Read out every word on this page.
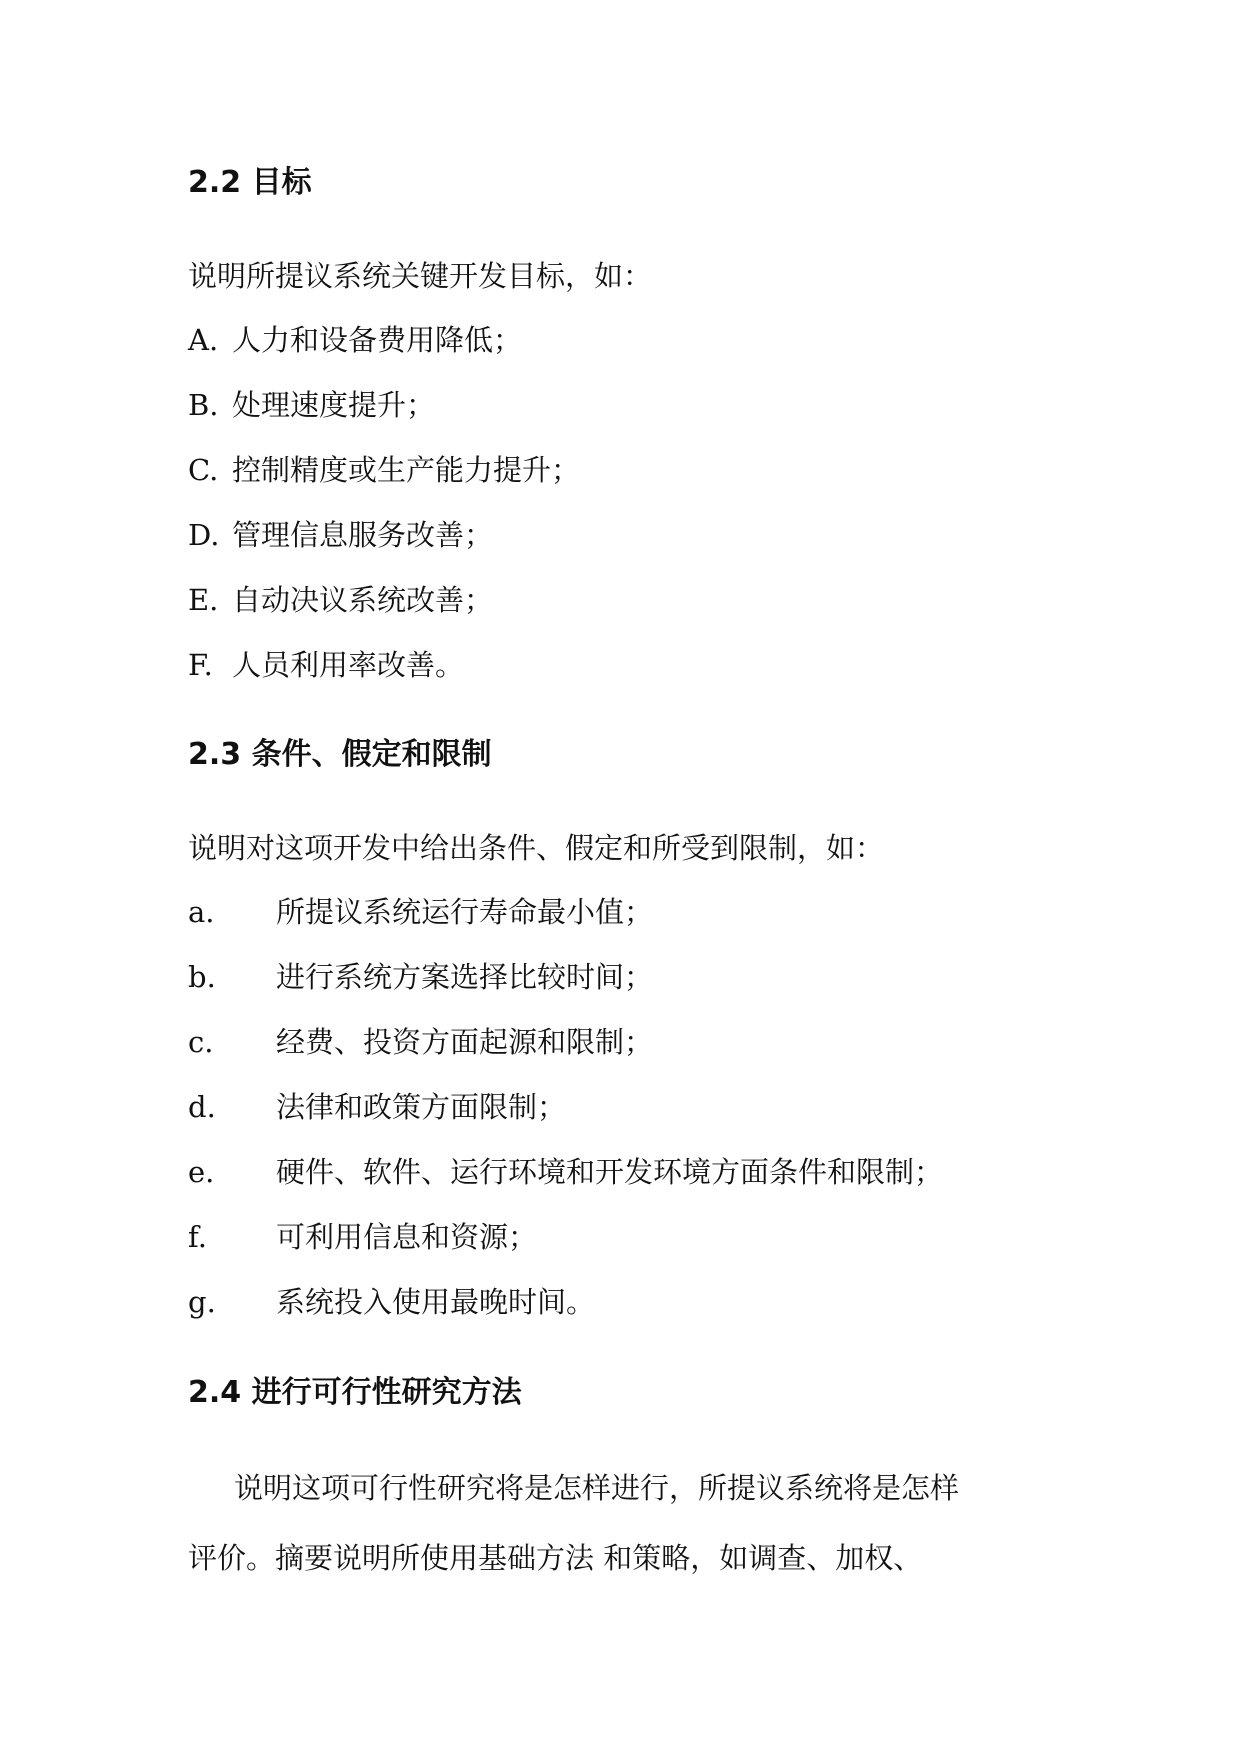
2.2 目标

说明所提议系统关键开发目标，如：

A. 人力和设备费用降低；
B. 处理速度提升；
C. 控制精度或生产能力提升；
D. 管理信息服务改善；
E. 自动决议系统改善；
F. 人员利用率改善。
2.3 条件、假定和限制

说明对这项开发中给出条件、假定和所受到限制，如：

a. 所提议系统运行寿命最小值；
b. 进行系统方案选择比较时间；
c. 经费、投资方面起源和限制；
d. 法律和政策方面限制；
e. 硬件、软件、运行环境和开发环境方面条件和限制；
f. 可利用信息和资源；
g. 系统投入使用最晚时间。
2.4 进行可行性研究方法

说明这项可行性研究将是怎样进行，所提议系统将是怎样

评价。摘要说明所使用基础方法 和策略，如调查、加权、
